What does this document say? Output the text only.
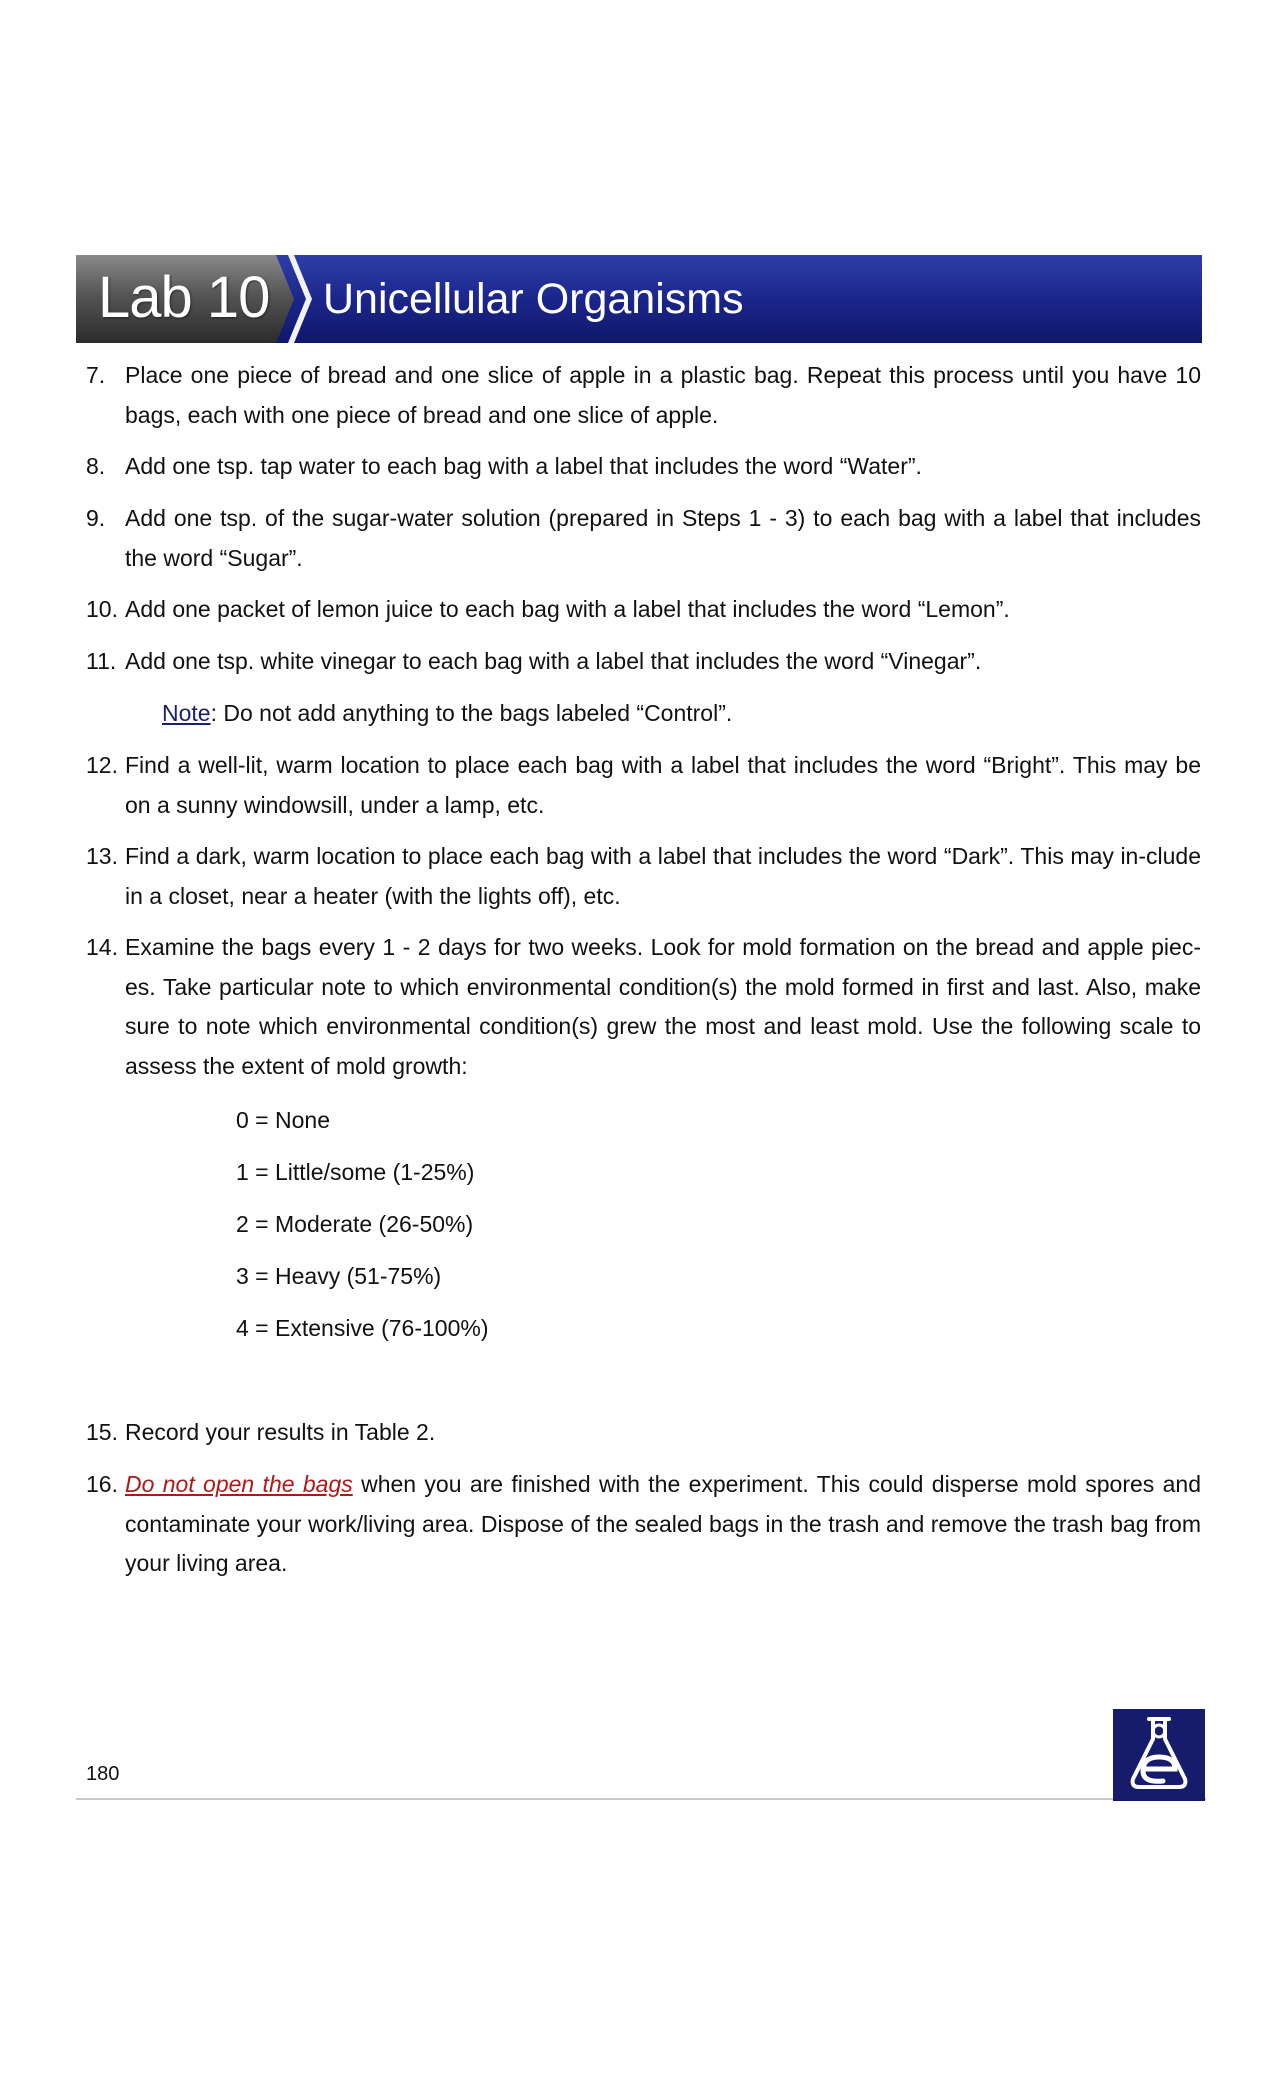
Lab 10 Unicellular Organisms
7. Place one piece of bread and one slice of apple in a plastic bag. Repeat this process until you have 10 bags, each with one piece of bread and one slice of apple.
8. Add one tsp. tap water to each bag with a label that includes the word “Water”.
9. Add one tsp. of the sugar-water solution (prepared in Steps 1 - 3) to each bag with a label that includes the word “Sugar”.
10. Add one packet of lemon juice to each bag with a label that includes the word “Lemon”.
11. Add one tsp. white vinegar to each bag with a label that includes the word “Vinegar”.
Note: Do not add anything to the bags labeled “Control”.
12. Find a well-lit, warm location to place each bag with a label that includes the word “Bright”. This may be on a sunny windowsill, under a lamp, etc.
13. Find a dark, warm location to place each bag with a label that includes the word “Dark”. This may in-clude in a closet, near a heater (with the lights off), etc.
14. Examine the bags every 1 - 2 days for two weeks. Look for mold formation on the bread and apple piec-es. Take particular note to which environmental condition(s) the mold formed in first and last. Also, make sure to note which environmental condition(s) grew the most and least mold. Use the following scale to assess the extent of mold growth:
0 = None
1 = Little/some (1-25%)
2 = Moderate (26-50%)
3 = Heavy (51-75%)
4 = Extensive (76-100%)
15. Record your results in Table 2.
16. Do not open the bags when you are finished with the experiment. This could disperse mold spores and contaminate your work/living area. Dispose of the sealed bags in the trash and remove the trash bag from your living area.
180
